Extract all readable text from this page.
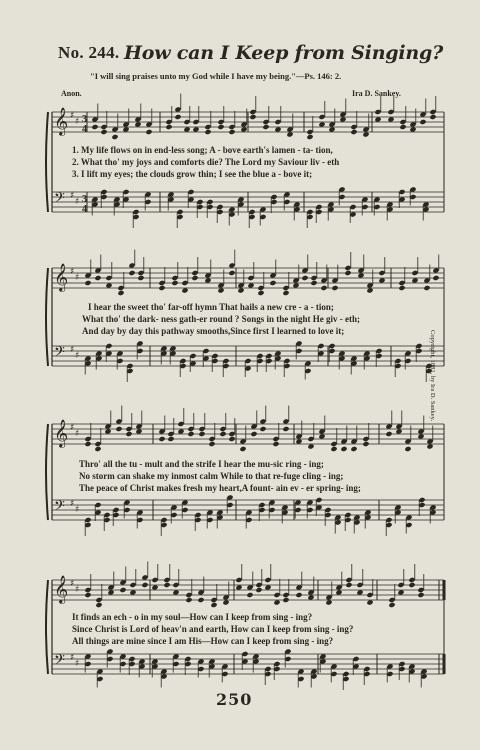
No. 244. How can I Keep from Singing?
"I will sing praises unto my God while I have my being."—Ps. 146: 2.
Anon.	Ira D. Sankey.
𝄞 ♯
♯ 3
4
𝄢 ♯
♯ 3
4
𝄞 ♯
♯
𝄢 ♯
♯
𝄞 ♯
♯
𝄢 ♯
♯
𝄞 ♯
♯
𝄢 ♯
♯
1. My life flows on in end-less song; A - bove earth's lamen - ta- tion,
2. What tho' my joys and comforts die? The Lord my Saviour liv - eth
3. I lift my eyes; the clouds grow thin; I see the blue a - bove it;
I hear the sweet tho' far-off hymn That hails a new cre - a - tion;
What tho' the dark- ness gath-er round ? Songs in the night He giv - eth;
And day by day this pathway smooths,Since first I learned to love it;
Thro' all the tu - mult and the strife I hear the mu-sic ring - ing;
No storm can shake my inmost calm While to that re-fuge cling - ing;
The peace of Christ makes fresh my heart,A fount- ain ev - er spring- ing;
It finds an ech - o in my soul—How can I keep from sing - ing?
Since Christ is Lord of heav'n and earth, How can I keep from sing - ing?
All things are mine since I am His—How can I keep from sing - ing?
Copyright, 1881, by Ira D. Sankey.
250
